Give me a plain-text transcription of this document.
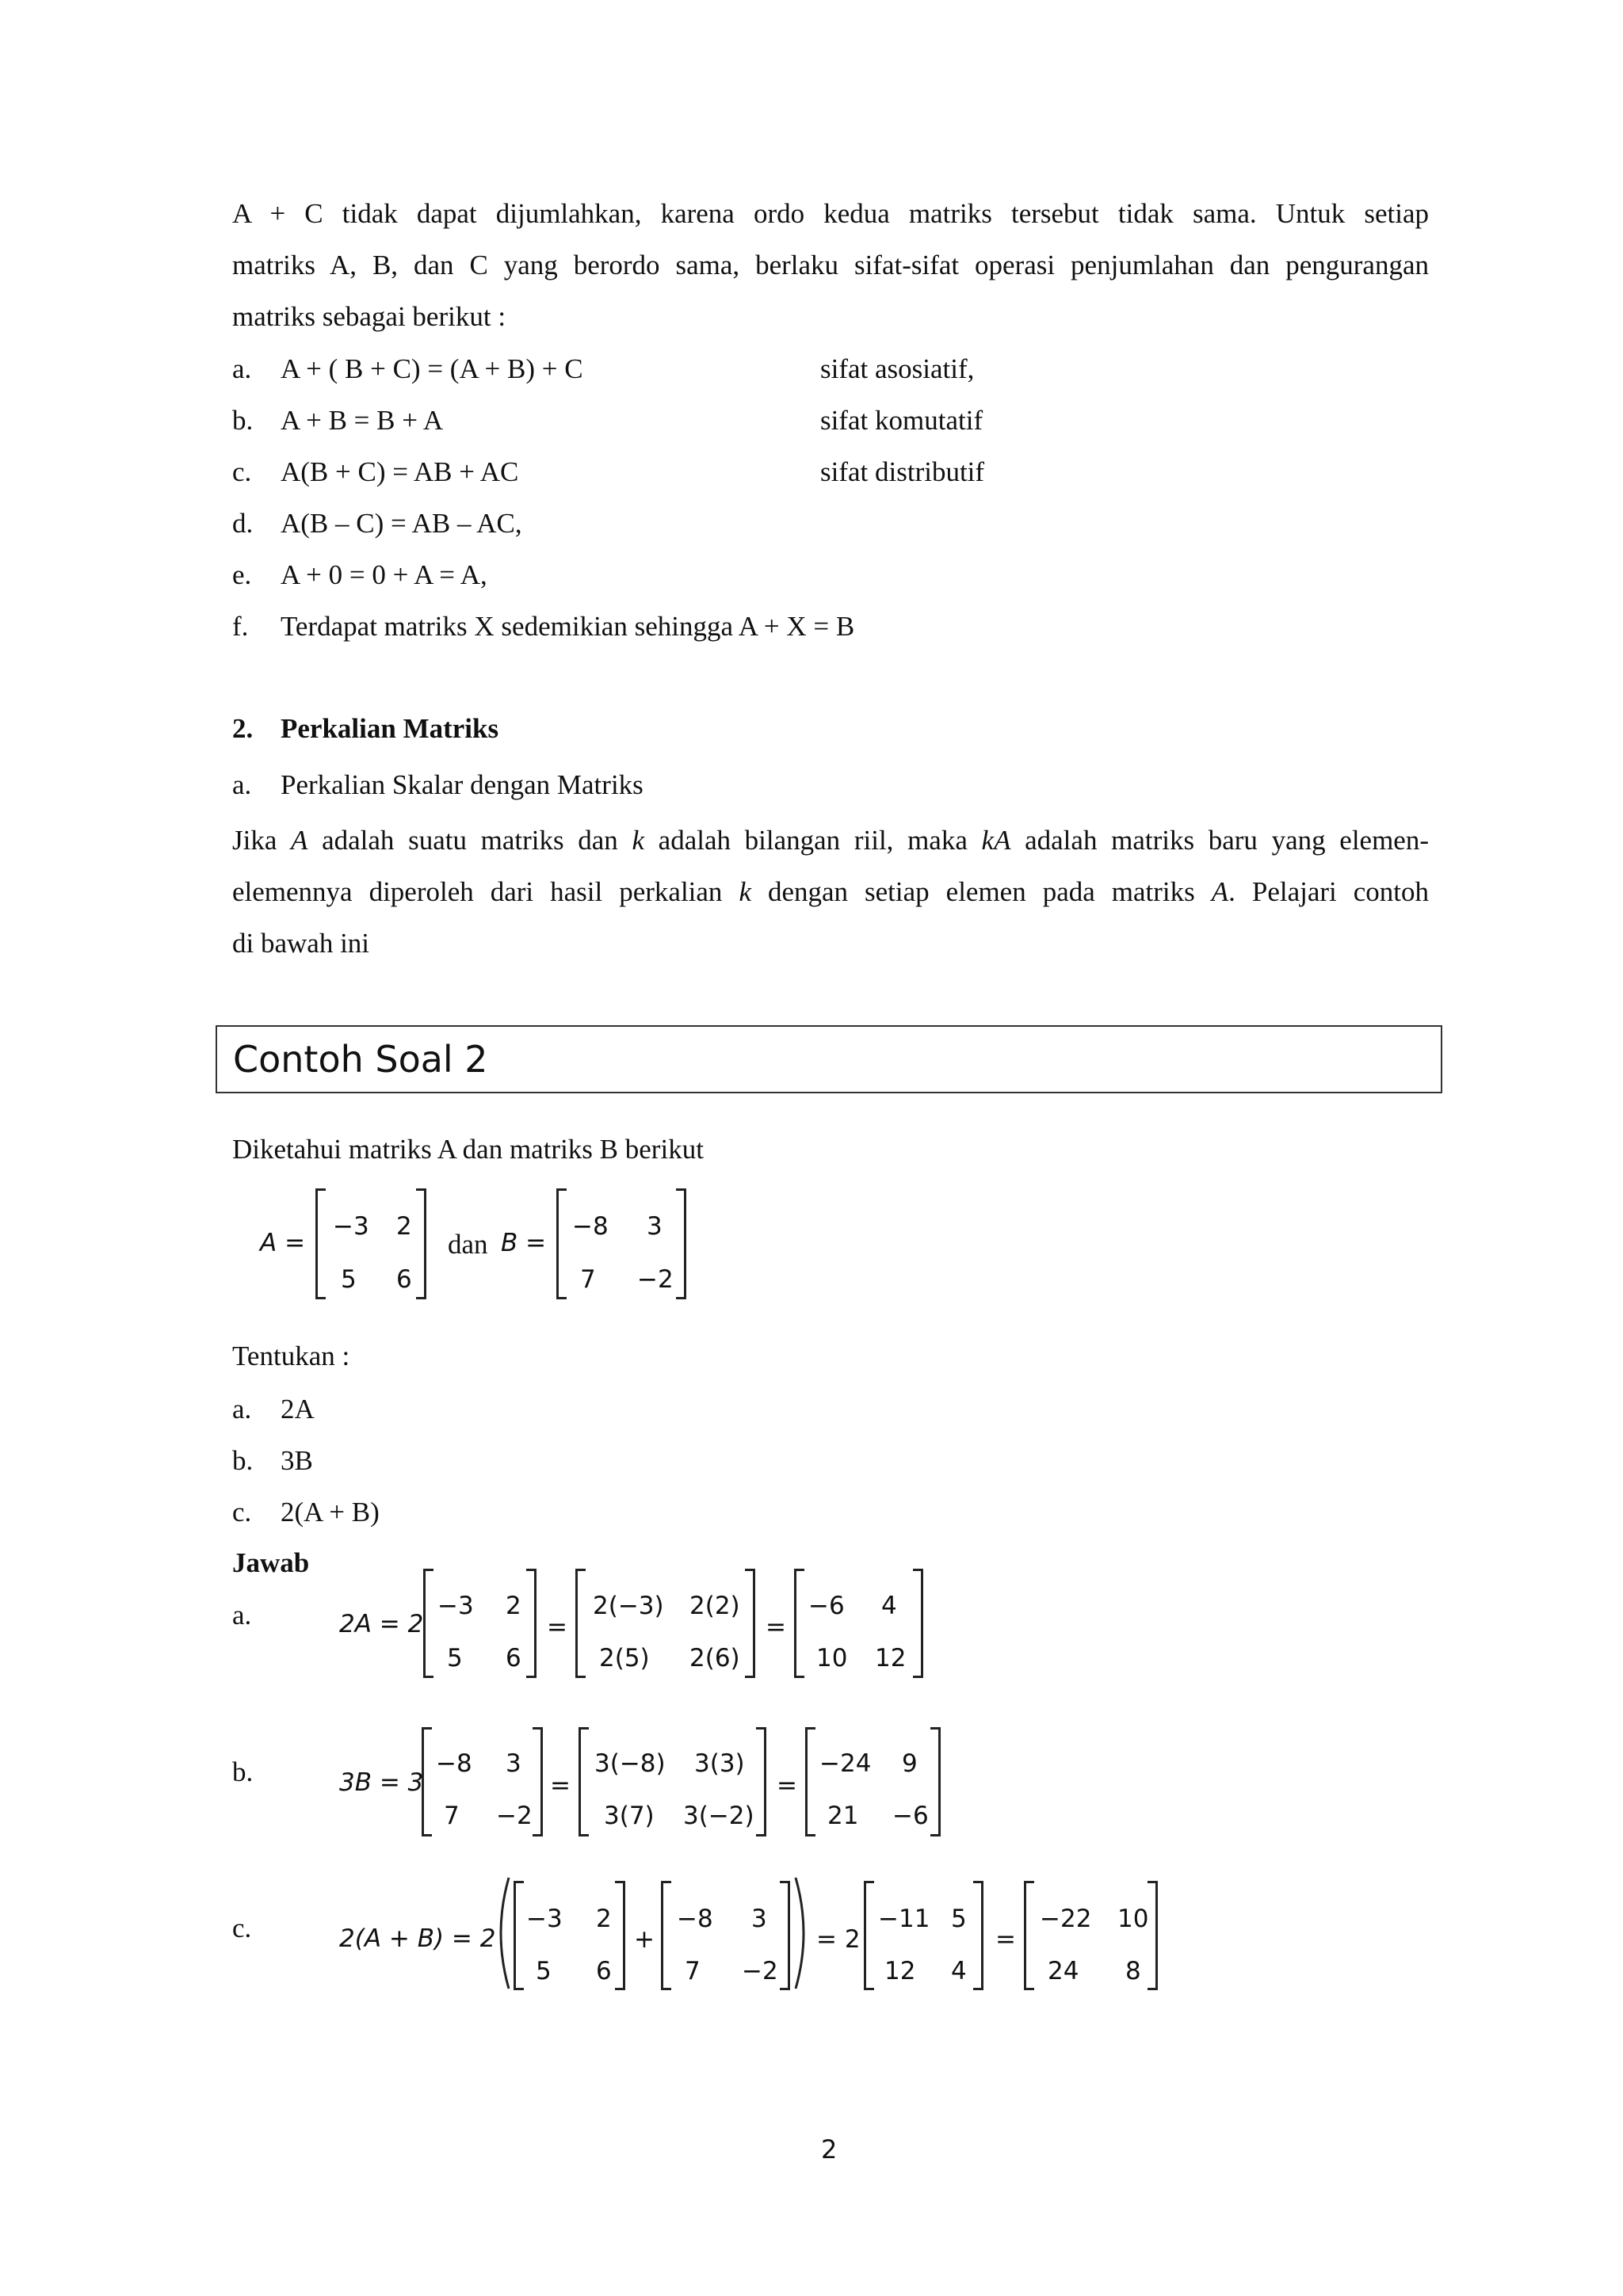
A + C tidak dapat dijumlahkan, karena ordo kedua matriks tersebut tidak sama. Untuk setiap
matriks A, B, dan C yang berordo sama, berlaku sifat-sifat operasi penjumlahan dan pengurangan
matriks sebagai berikut :
a. A + ( B + C) = (A + B) + C	sifat asosiatif,
b. A + B = B + A	sifat komutatif
c. A(B + C) = AB + AC	sifat distributif
d. A(B – C) = AB – AC,
e. A + 0 = 0 + A = A,
f. Terdapat matriks X sedemikian sehingga A + X = B
2. Perkalian Matriks
a. Perkalian Skalar dengan Matriks
Jika A adalah suatu matriks dan k adalah bilangan riil, maka kA adalah matriks baru yang elemen-
elemennya diperoleh dari hasil perkalian k dengan setiap elemen pada matriks A. Pelajari contoh
di bawah ini
Contoh Soal 2
Diketahui matriks A dan matriks B berikut
A =
−3 2
5 6
dan B =
−8 3
7 −2
Tentukan :
a. 2A
b. 3B
c. 2(A + B)
Jawab
a.	2A = 2
−3 2
5 6
=
2(−3) 2(2)
2(5) 2(6)
=
−6 4
10 12
b.	3B = 3
−8 3
7 −2
=
3(−8) 3(3)
3(7) 3(−2)
=
−24 9
21 −6
c.	2(A + B) = 2
−3 2
5 6
+
−8 3
7 −2
= 2
−11 5
12 4
=
−22 10
24 8
2
